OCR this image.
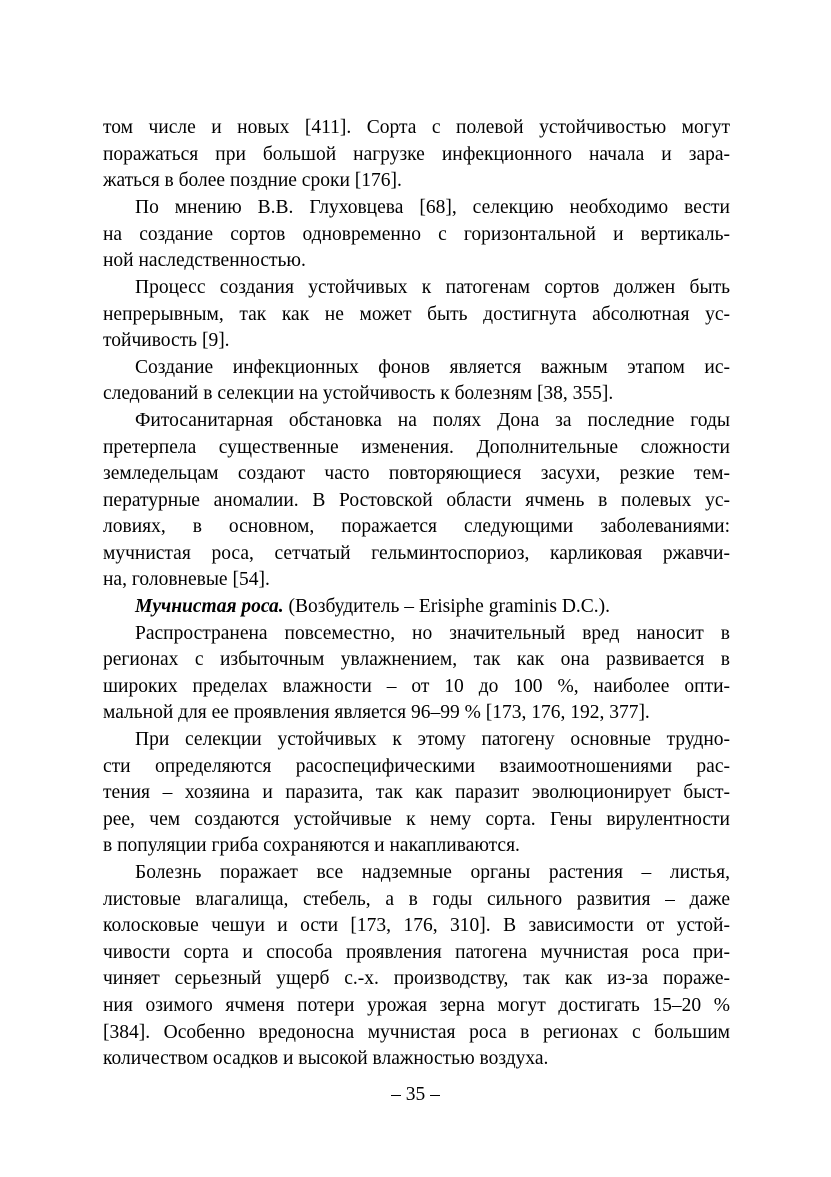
том числе и новых [411]. Сорта с полевой устойчивостью могут
поражаться при большой нагрузке инфекционного начала и зара-
жаться в более поздние сроки [176].
По мнению В.В. Глуховцева [68], селекцию необходимо вести
на создание сортов одновременно с горизонтальной и вертикаль-
ной наследственностью.
Процесс создания устойчивых к патогенам сортов должен быть
непрерывным, так как не может быть достигнута абсолютная ус-
тойчивость [9].
Создание инфекционных фонов является важным этапом ис-
следований в селекции на устойчивость к болезням [38, 355].
Фитосанитарная обстановка на полях Дона за последние годы
претерпела существенные изменения. Дополнительные сложности
земледельцам создают часто повторяющиеся засухи, резкие тем-
пературные аномалии. В Ростовской области ячмень в полевых ус-
ловиях, в основном, поражается следующими заболеваниями:
мучнистая роса, сетчатый гельминтоспориоз, карликовая ржавчи-
на, головневые [54].
Мучнистая роса. (Возбудитель – Erisiphe graminis D.C.).
Распространена повсеместно, но значительный вред наносит в
регионах с избыточным увлажнением, так как она развивается в
широких пределах влажности – от 10 до 100 %, наиболее опти-
мальной для ее проявления является 96–99 % [173, 176, 192, 377].
При селекции устойчивых к этому патогену основные трудно-
сти определяются расоспецифическими взаимоотношениями рас-
тения – хозяина и паразита, так как паразит эволюционирует быст-
рее, чем создаются устойчивые к нему сорта. Гены вирулентности
в популяции гриба сохраняются и накапливаются.
Болезнь поражает все надземные органы растения – листья,
листовые влагалища, стебель, а в годы сильного развития – даже
колосковые чешуи и ости [173, 176, 310]. В зависимости от устой-
чивости сорта и способа проявления патогена мучнистая роса при-
чиняет серьезный ущерб с.-х. производству, так как из-за пораже-
ния озимого ячменя потери урожая зерна могут достигать 15–20 %
[384]. Особенно вредоносна мучнистая роса в регионах с большим
количеством осадков и высокой влажностью воздуха.
– 35 –
